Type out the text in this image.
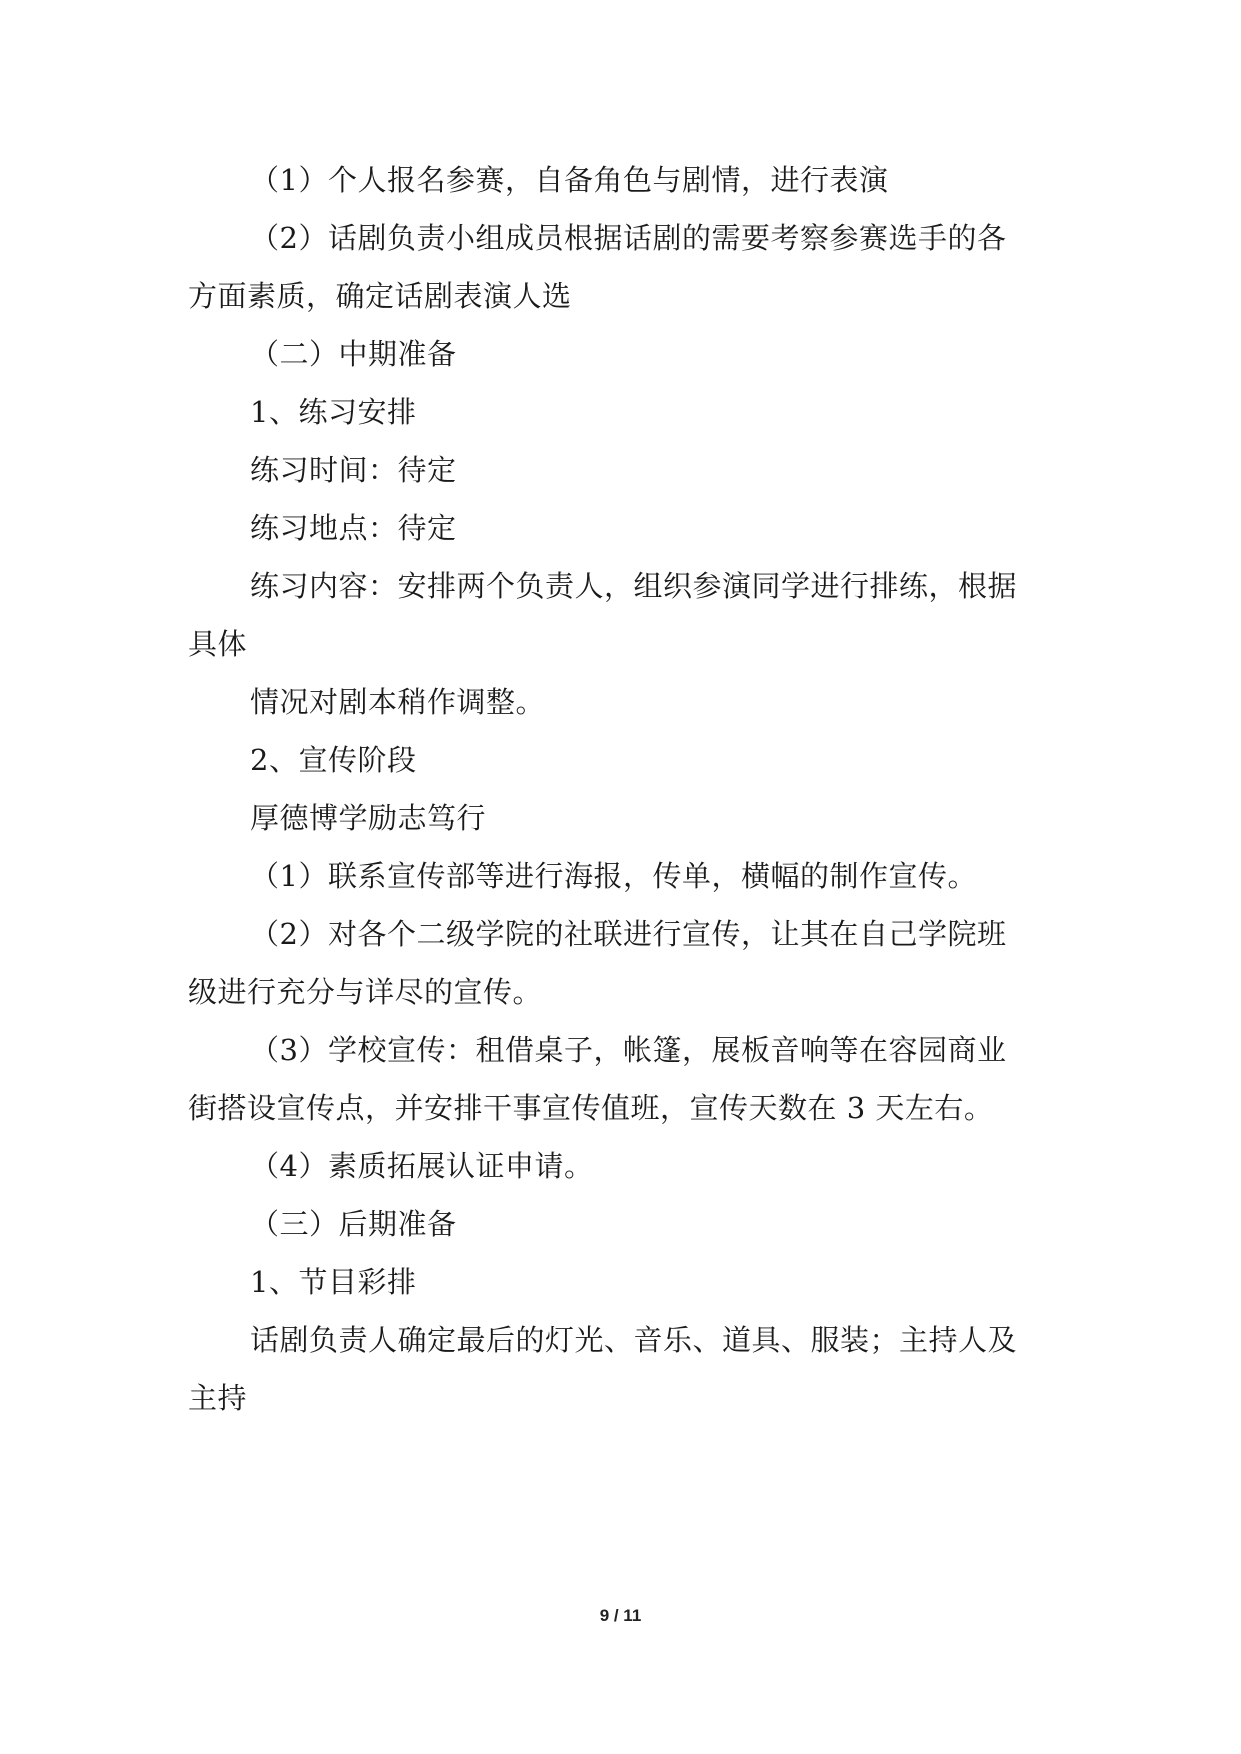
（1）个人报名参赛，自备角色与剧情，进行表演
（2）话剧负责小组成员根据话剧的需要考察参赛选手的各
方面素质，确定话剧表演人选
（二）中期准备
1、练习安排
练习时间：待定
练习地点：待定
练习内容：安排两个负责人，组织参演同学进行排练，根据
具体
情况对剧本稍作调整。
2、宣传阶段
厚德博学励志笃行
（1）联系宣传部等进行海报，传单，横幅的制作宣传。
（2）对各个二级学院的社联进行宣传，让其在自己学院班
级进行充分与详尽的宣传。
（3）学校宣传：租借桌子，帐篷，展板音响等在容园商业
街搭设宣传点，并安排干事宣传值班，宣传天数在 3 天左右。
（4）素质拓展认证申请。
（三）后期准备
1、节目彩排
话剧负责人确定最后的灯光、音乐、道具、服装；主持人及
主持
9 / 11
